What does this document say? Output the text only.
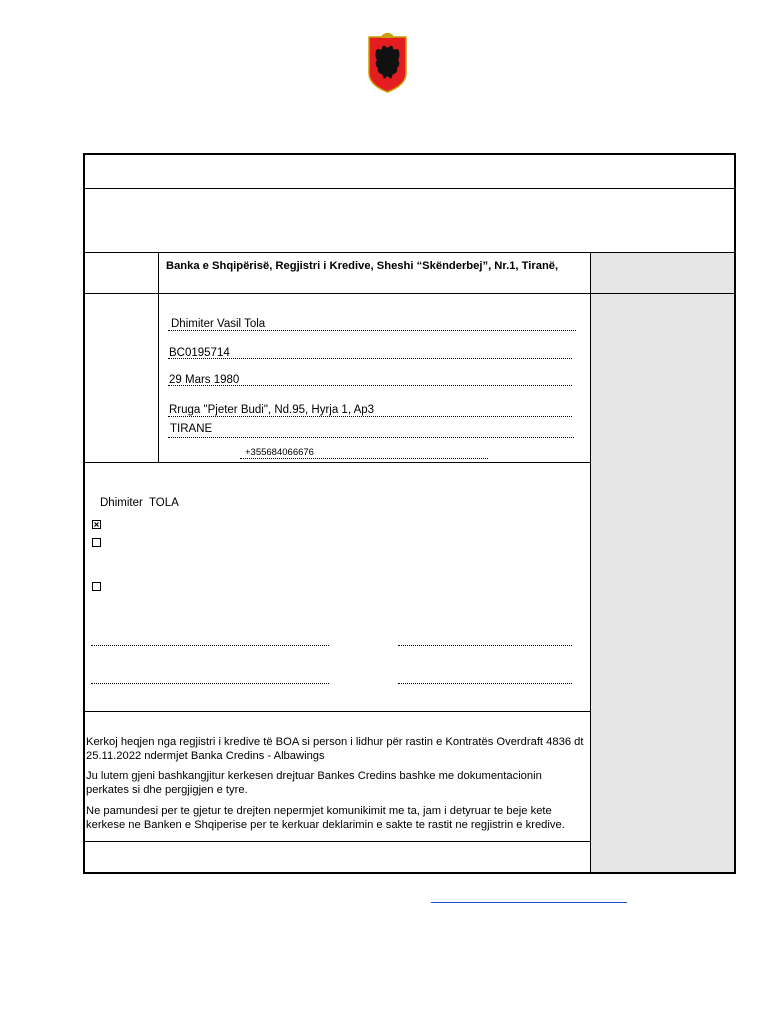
Banka e Shqipërisë, Regjistri i Kredive, Sheshi “Skënderbej”, Nr.1, Tiranë,
Dhimiter Vasil Tola
BC0195714
29 Mars 1980
Rruga "Pjeter Budi", Nd.95, Hyrja 1, Ap3
TIRANE
+355684066676
Dhimiter  TOLA
Kerkoj heqjen nga regjistri i kredive të BOA si person i lidhur për rastin e Kontratës Overdraft 4836 dt 25.11.2022 ndermjet Banka Credins - Albawings
Ju lutem gjeni bashkangjitur kerkesen drejtuar Bankes Credins bashke me dokumentacionin perkates si dhe pergjigjen e tyre.
Ne pamundesi per te gjetur te drejten nepermjet komunikimit me ta, jam i detyruar te beje kete kerkese ne Banken e Shqiperise per te kerkuar deklarimin e sakte te rastit ne regjistrin e kredive.
